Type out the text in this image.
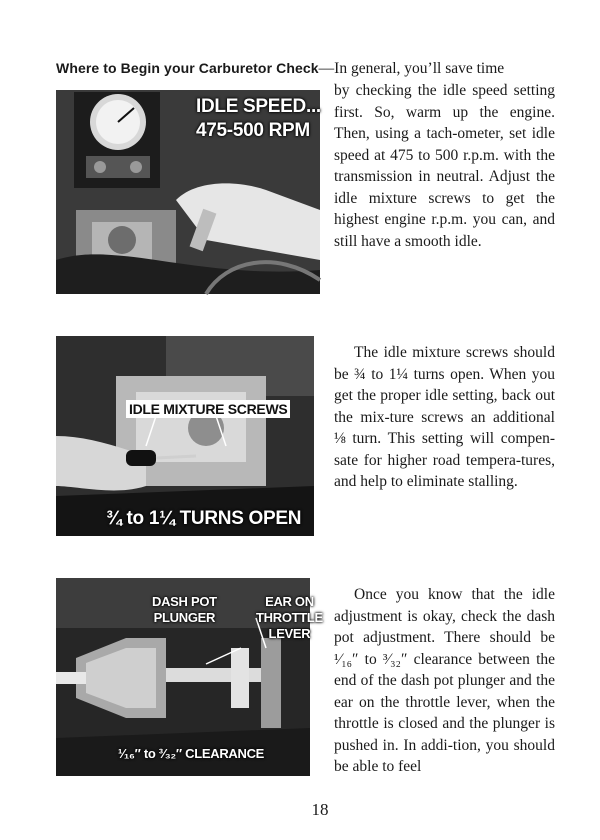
Where to Begin your Carburetor Check—In general, you’ll save time
IDLE SPEED...
475-500 RPM

by checking the idle speed setting first. So, warm up the engine. Then, using a tach-ometer, set idle speed at 475 to 500 r.p.m. with the transmission in neutral. Adjust the idle mixture screws to get the highest engine r.p.m. you can, and still have a smooth idle.

IDLE MIXTURE SCREWS
¾ to 1¼ TURNS OPEN

The idle mixture screws should be ¾ to 1¼ turns open. When you get the proper idle setting, back out the mix-ture screws an additional ⅛ turn. This setting will compen-sate for higher road tempera-tures, and help to eliminate stalling.

DASH POT
PLUNGER
EAR ON
THROTTLE
LEVER
¹⁄₁₆″ to ³⁄₃₂″ CLEARANCE

Once you know that the idle adjustment is okay, check the dash pot adjustment. There should be ¹⁄₁₆″ to ³⁄₃₂″ clearance between the end of the dash pot plunger and the ear on the throttle lever, when the throttle is closed and the plunger is pushed in. In addi-tion, you should be able to feel

18
